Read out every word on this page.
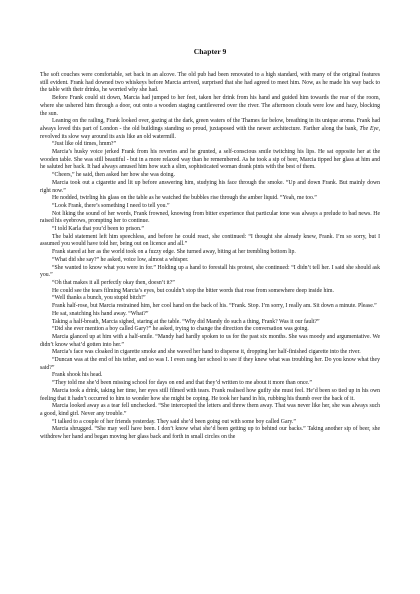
Chapter 9

The soft couches were comfortable, set back in an alcove. The old pub had been renovated to a high standard, with many of the original features still evident. Frank had downed two whiskeys before Marcia arrived, surprised that she had agreed to meet him. Now, as he made his way back to the table with their drinks, he worried why she had.

Before Frank could sit down, Marcia had jumped to her feet, taken her drink from his hand and guided him towards the rear of the room, where she ushered him through a door, out onto a wooden staging cantilevered over the river. The afternoon clouds were low and hazy, blocking the sun.

Leaning on the railing, Frank looked over, gazing at the dark, green waters of the Thames far below, breathing in its unique aroma. Frank had always loved this part of London - the old buildings standing so proud, juxtaposed with the newer architecture. Farther along the bank, The Eye, revolved its slow way around its axis like an old watermill.

“Just like old times, hmm?”

Marcia’s husky voice jerked Frank from his reveries and he grunted, a self-conscious smile twitching his lips. He sat opposite her at the wooden table. She was still beautiful - but in a more relaxed way than he remembered. As he took a sip of beer, Marcia tipped her glass at him and he saluted her back. It had always amused him how such a slim, sophisticated woman drank pints with the best of them.

“Cheers,” he said, then asked her how she was doing.

Marcia took out a cigarette and lit up before answering him, studying his face through the smoke. “Up and down Frank. But mainly down right now.”

He nodded, twirling his glass on the table as he watched the bubbles rise through the amber liquid. “Yeah, me too.”

“Look Frank, there’s something I need to tell you.”

Not liking the sound of her words, Frank frowned, knowing from bitter experience that particular tone was always a prelude to bad news. He raised his eyebrows, prompting her to continue.

“I told Karla that you’d been to prison.”

The bald statement left him speechless, and before he could react, she continued: “I thought she already knew, Frank. I’m so sorry, but I assumed you would have told her, being out on licence and all.”

Frank stared at her as the world took on a fuzzy edge. She turned away, biting at her trembling bottom lip.

“What did she say?” he asked, voice low, almost a whisper.

“She wanted to know what you were in for.” Holding up a hand to forestall his protest, she continued: “I didn’t tell her. I said she should ask you.”

“Oh that makes it all perfectly okay then, doesn’t it?”

He could see the tears filming Marcia’s eyes, but couldn’t stop the bitter words that rose from somewhere deep inside him.

“Well thanks a bunch, you stupid bitch!”

Frank half-rose, but Marcia restrained him, her cool hand on the back of his. “Frank. Stop. I’m sorry, I really am. Sit down a minute. Please.”

He sat, snatching his hand away. “What?”

Taking a half-breath, Marcia sighed, staring at the table. “Why did Mandy do such a thing, Frank? Was it our fault?”

“Did she ever mention a boy called Gary?” he asked, trying to change the direction the conversation was going.

Marcia glanced up at him with a half-smile. “Mandy had hardly spoken to us for the past six months. She was moody and argumentative. We didn’t know what’d gotten into her.”

Marcia’s face was cloaked in cigarette smoke and she waved her hand to disperse it, dropping her half-finished cigarette into the river.

“Duncan was at the end of his tether, and so was I. I even rang her school to see if they knew what was troubling her. Do you know what they said?”

Frank shook his head.

“They told me she’d been missing school for days on end and that they’d written to me about it more than once.”

Marcia took a drink, taking her time, her eyes still filmed with tears. Frank realised how guilty she must feel. He’d been so tied up in his own feeling that it hadn’t occurred to him to wonder how she might be coping. He took her hand in his, rubbing his thumb over the back of it.

Marcia looked away as a tear fell unchecked. “She intercepted the letters and threw them away. That was never like her, she was always such a good, kind girl. Never any trouble.”

“I talked to a couple of her friends yesterday. They said she’d been going out with some boy called Gary.”

Marcia shrugged. “She may well have been. I don’t know what she’d been getting up to behind our backs.” Taking another sip of beer, she withdrew her hand and began moving her glass back and forth in small circles on the
